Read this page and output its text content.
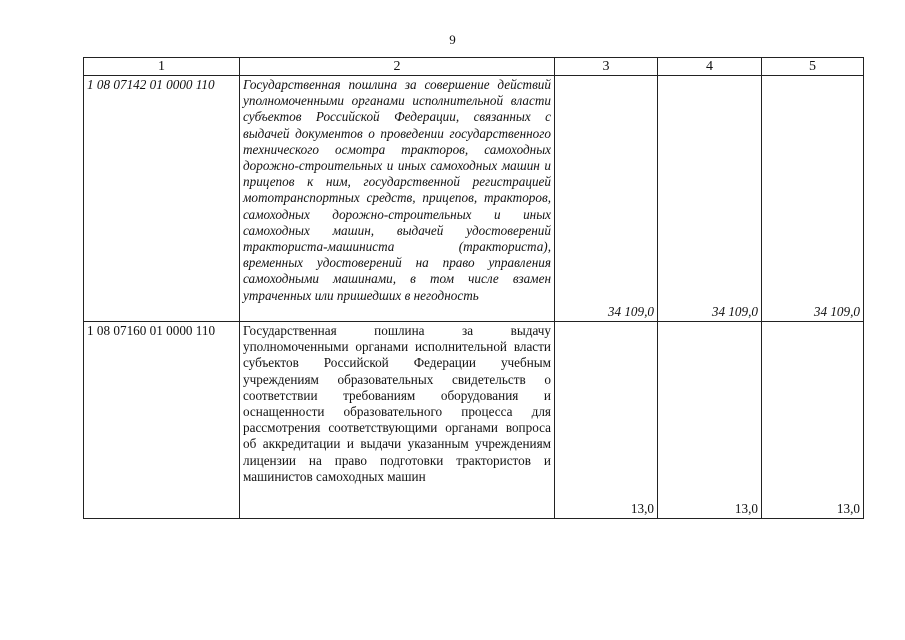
9
1	2	3	4	5
1 08 07142 01 0000 110	Государственная пошлина за совершение действий уполномоченными органами исполнительной власти субъектов Российской Федерации, связанных с выдачей документов о проведении государственного технического осмотра тракторов, самоходных дорожно-строительных и иных самоходных машин и прицепов к ним, государственной регистрацией мототранспортных средств, прицепов, тракторов, самоходных дорожно-строительных и иных самоходных машин, выдачей удостоверений тракториста-машиниста (тракториста), временных удостоверений на право управления самоходными машинами, в том числе взамен утраченных или пришедших в негодность	34 109,0	34 109,0	34 109,0
1 08 07160 01 0000 110	Государственная пошлина за выдачу уполномоченными органами исполнительной власти субъектов Российской Федерации учебным учреждениям образовательных свидетельств о соответствии требованиям оборудования и оснащенности образовательного процесса для рассмотрения соответствующими органами вопроса об аккредитации и выдачи указанным учреждениям лицензии на право подготовки трактористов и машинистов самоходных машин	13,0	13,0	13,0
